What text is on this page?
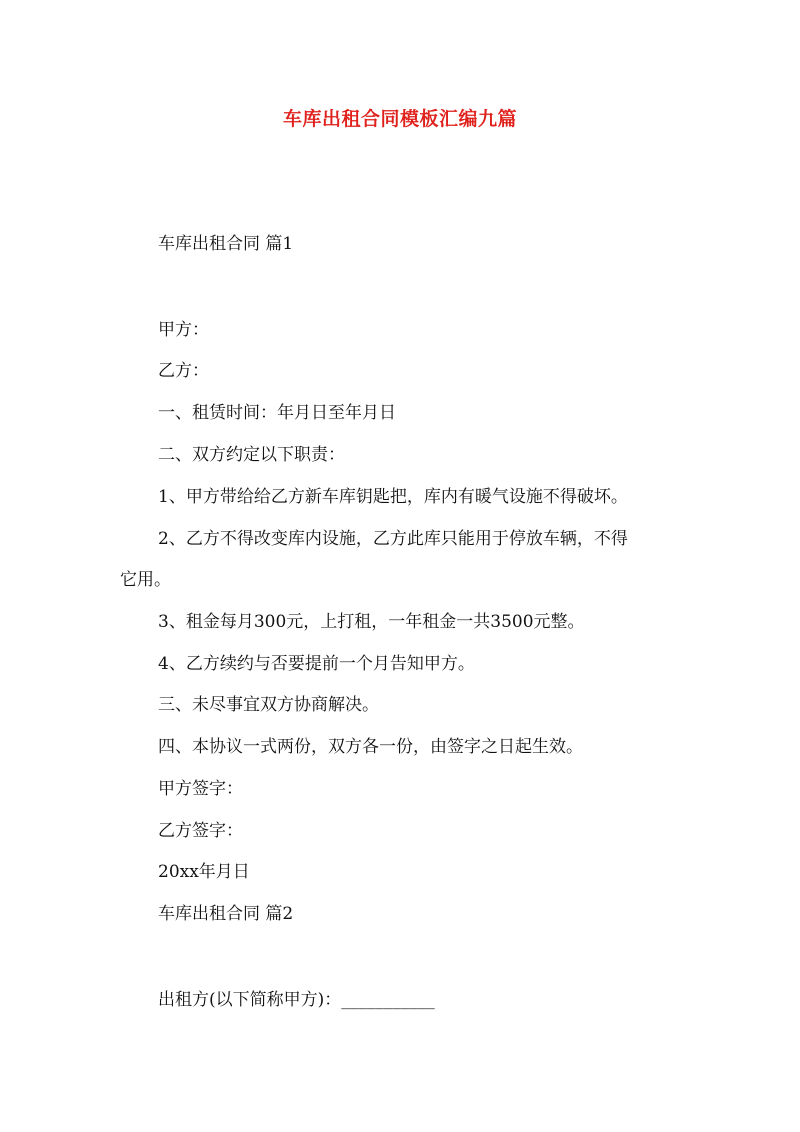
车库出租合同模板汇编九篇
车库出租合同 篇1
甲方：
乙方：
一、租赁时间：年月日至年月日
二、双方约定以下职责：
1、甲方带给给乙方新车库钥匙把，库内有暖气设施不得破坏。
2、乙方不得改变库内设施，乙方此库只能用于停放车辆，不得
它用。
3、租金每月300元，上打租，一年租金一共3500元整。
4、乙方续约与否要提前一个月告知甲方。
三、未尽事宜双方协商解决。
四、本协议一式两份，双方各一份，由签字之日起生效。
甲方签字：
乙方签字：
20xx年月日
车库出租合同 篇2
出租方(以下简称甲方)：___________
